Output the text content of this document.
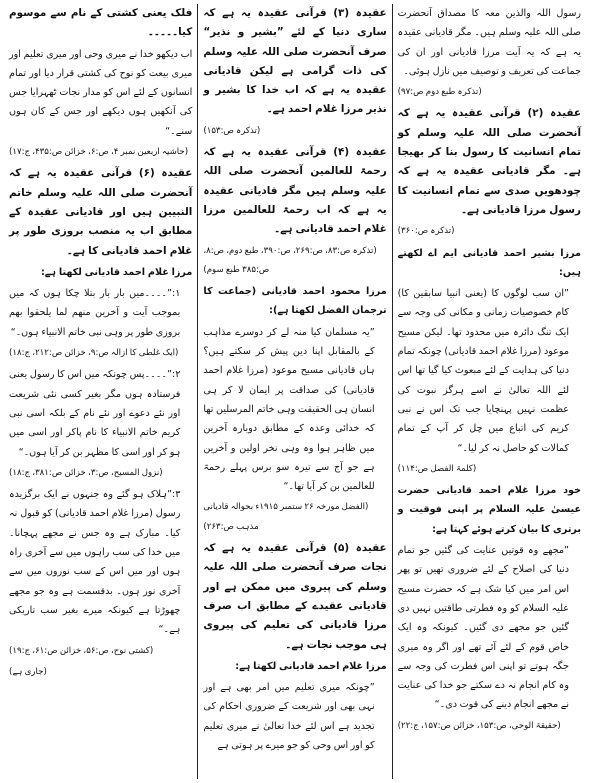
رسول اللہ والذین معہ کا مصداق آنحضرت صلی اللہ علیہ وسلم ہیں۔ مگر قادیانی عقیدہ یہ ہے کہ یہ آیت مرزا قادیانی اور ان کی جماعت کی تعریف و توصیف میں نازل ہوئی۔

(تذکرہ طبع دوم ص:۹۷)

عقیدہ (۲) قرآنی عقیدہ یہ ہے کہ آنحضرت صلی اللہ علیہ وسلم کو تمام انسانیت کا رسول بنا کر بھیجا ہے۔ مگر قادیانی عقیدہ یہ ہے کہ چودھویں صدی سے تمام انسانیت کا رسول مرزا قادیانی ہے۔

(تذکرہ ص:۳۶۰)

مرزا بشیر احمد قادیانی ایم اے لکھتے ہیں:

”ان سب لوگوں کا (یعنی انبیا سابقین کا) کام خصوصیات زمانی و مکانی کی وجہ سے ایک تنگ دائرہ میں محدود تھا۔ لیکن مسیح موعود (مرزا غلام احمد قادیانی) چونکہ تمام دنیا کی ہدایت کے لئے مبعوث کیا گیا تھا اس لئے اللہ تعالیٰ نے اسے ہرگز نبوت کی عظمت نہیں پہنچایا جب تک اس نے نبی کریم کی اتباع میں چل کر آپ کے تمام کمالات کو حاصل نہ کر لیا۔“

(کلمۃ الفصل ص:۱۱۴)

خود مرزا غلام احمد قادیانی حضرت عیسیٰ علیہ السلام پر اپنی فوقیت و برتری کا بیان کرتے ہوئے کہتا ہے:

”مجھے وہ قوتیں عنایت کی گئیں جو تمام دنیا کی اصلاح کے لئے ضروری تھیں تو پھر اس امر میں کیا شک ہے کہ حضرت مسیح علیہ السلام کو وہ فطرتی طاقتیں نہیں دی گئیں جو مجھے دی گئیں۔ کیونکہ وہ ایک خاص قوم کے لئے آئے تھے اور اگر وہ میری جگہ ہوتے تو اپنی اس فطرت کی وجہ سے وہ کام انجام نہ دے سکتے جو خدا کی عنایت نے مجھے انجام دینے کی قوت دی۔“

(حقیقۃ الوحی، ص:۱۵۳، خزائن ص:۱۵۷، ج:۲۲)

عقیدہ (۳) قرآنی عقیدہ یہ ہے کہ ساری دنیا کے لئے ”بشیر و نذیر“ صرف آنحضرت صلی اللہ علیہ وسلم کی ذات گرامی ہے لیکن قادیانی عقیدہ یہ ہے کہ اب خدا کا بشیر و نذیر مرزا غلام احمد ہے۔

(تذکرہ ص:۱۵۳)

عقیدہ (۴) قرآنی عقیدہ یہ ہے کہ رحمۃ للعالمین آنحضرت صلی اللہ علیہ وسلم ہیں مگر قادیانی عقیدہ یہ ہے کہ اب رحمۃ للعالمین مرزا غلام احمد قادیانی ہے۔

(تذکرہ ص:۸۳، ص:۲۶۹، ص:۳۹۰، طبع دوم، ص:۸، ص:۳۸۵ طبع سوم)

مرزا محمود احمد قادیانی (جماعت کا ترجمان الفضل لکھتا ہے):

”یہ مسلمان کیا منہ لے کر دوسرے مذاہب کے بالمقابل اپنا دین پیش کر سکتے ہیں؟ ہاں قادیانی مسیح موعود (مرزا غلام احمد قادیانی) کی صداقت پر ایمان لا کر ہی انسان ہی الحقیقت وہی خاتم المرسلین تھا کہ خدائی وعدہ کے مطابق دوبارہ آخرین میں ظاہر ہوا وہ وہی نخر اولین و آخرین ہے جو آج سے تیرہ سو برس پہلے رحمۃ للعالمین بن کر آیا تھا۔“

(الفضل مورخہ ۲۶ ستمبر ۱۹۱۵ء بحوالہ قادیانی مذہب ص:۲۶۳)

عقیدہ (۵) قرآنی عقیدہ یہ ہے کہ نجات صرف آنحضرت صلی اللہ علیہ وسلم کی پیروی میں ممکن ہے اور قادیانی عقیدے کے مطابق اب صرف مرزا قادیانی کی تعلیم کی پیروی ہی موجب نجات ہے۔

مرزا غلام احمد قادیانی لکھتا ہے:

”چونکہ میری تعلیم میں امر بھی ہے اور نہی بھی اور شریعت کے ضروری احکام کی تجدید ہے اس لئے خدا تعالیٰ نے میری تعلیم کو اور اس وحی کو جو میرے پر ہوتی ہے

فلک یعنی کشتی کے نام سے موسوم کیا۔۔۔۔۔

اب دیکھو خدا نے میری وحی اور میری تعلیم اور میری بیعت کو نوح کی کشتی قرار دیا اور تمام انسانوں کے لئے اس کو مدار نجات ٹھہرایا جس کی آنکھیں ہوں دیکھے اور جس کے کان ہوں سنے۔“

(حاشیہ اربعین نمبر ۴، ص:۶، خزائن ص:۴۳۵، ج:۱۷)

عقیدہ (۶) قرآنی عقیدہ یہ ہے کہ آنحضرت صلی اللہ علیہ وسلم خاتم النبیین ہیں اور قادیانی عقیدہ کے مطابق اب یہ منصب بروزی طور پر غلام احمد قادیانی کا ہے۔

مرزا غلام احمد قادیانی لکھتا ہے:

۱:”۔۔۔۔میں بار بار بتلا چکا ہوں کہ میں بموجب آیت و آخرین منھم لما یلحقوا بھم بروزی طور پر وہی نبی خاتم الانبیاء ہوں۔“

(ایک غلطی کا ازالہ ص:۹، خزائن ص:۲۱۲، ج:۱۸)

۲:”۔۔۔۔پس چونکہ میں اس کا رسول یعنی فرستادہ ہوں مگر بغیر کسی نئی شریعت اور نئے دعوے اور نئے نام کے بلکہ اسی نبی کریم خاتم الانبیاء کا نام پاکر اور اسی میں ہو کر اور اسی کا مظہر بن کر آیا ہوں۔“

(نزول المسیح، ص:۳، خزائن ص:۳۸۱، ج:۱۸)

۳:”ہلاک ہو گئے وہ جنہوں نے ایک برگزیدہ رسول (مرزا غلام احمد قادیانی) کو قبول نہ کیا۔ مبارک ہے وہ جس نے مجھے پہچانا۔ میں خدا کی سب راہوں میں سے آخری راہ ہوں اور میں اس کے سب نوروں میں سے آخری نور ہوں۔ بدقسمت ہے وہ جو مجھے چھوڑتا ہے کیونکہ میرے بغیر سب تاریکی ہے۔“

(کشتی نوح، ص:۵۶، خزائن ص:۶۱، ج:۱۹)

(جاری ہے)
